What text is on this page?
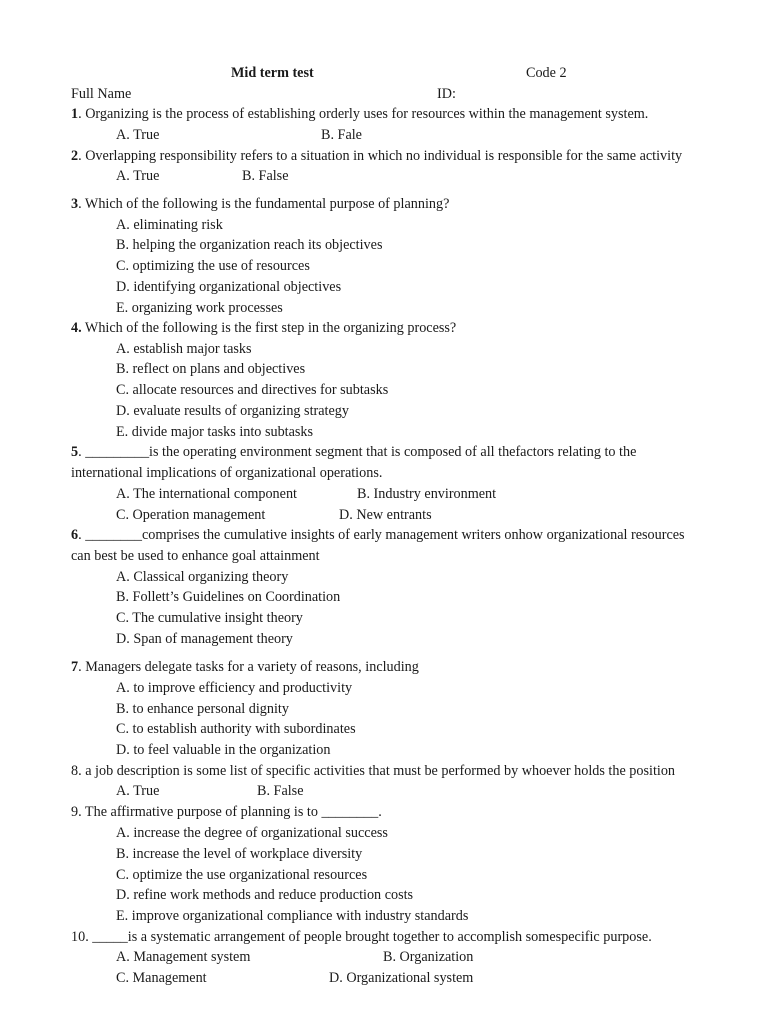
Mid term test	Code 2
Full Name	ID:
1. Organizing is the process of establishing orderly uses for resources within the management system.
A. True	B. Fale
2. Overlapping responsibility refers to a situation in which no individual is responsible for the same activity
A. True	B. False
3. Which of the following is the fundamental purpose of planning?
A. eliminating risk
B. helping the organization reach its objectives
C. optimizing the use of resources
D. identifying organizational objectives
E. organizing work processes
4. Which of the following is the first step in the organizing process?
A. establish major tasks
B. reflect on plans and objectives
C. allocate resources and directives for subtasks
D. evaluate results of organizing strategy
E. divide major tasks into subtasks
5. _________is the operating environment segment that is composed of all thefactors relating to the
international implications of organizational operations.
A. The international component	B. Industry environment
C. Operation management	D. New entrants
6. ________comprises the cumulative insights of early management writers onhow organizational resources
can best be used to enhance goal attainment
A. Classical organizing theory
B. Follett’s Guidelines on Coordination
C. The cumulative insight theory
D. Span of management theory
7. Managers delegate tasks for a variety of reasons, including
A. to improve efficiency and productivity
B. to enhance personal dignity
C. to establish authority with subordinates
D. to feel valuable in the organization
8. a job description is some list of specific activities that must be performed by whoever holds the position
A. True	B. False
9. The affirmative purpose of planning is to ________.
A. increase the degree of organizational success
B. increase the level of workplace diversity
C. optimize the use organizational resources
D. refine work methods and reduce production costs
E. improve organizational compliance with industry standards
10. _____is a systematic arrangement of people brought together to accomplish somespecific purpose.
A. Management system	B. Organization
C. Management	D. Organizational system
